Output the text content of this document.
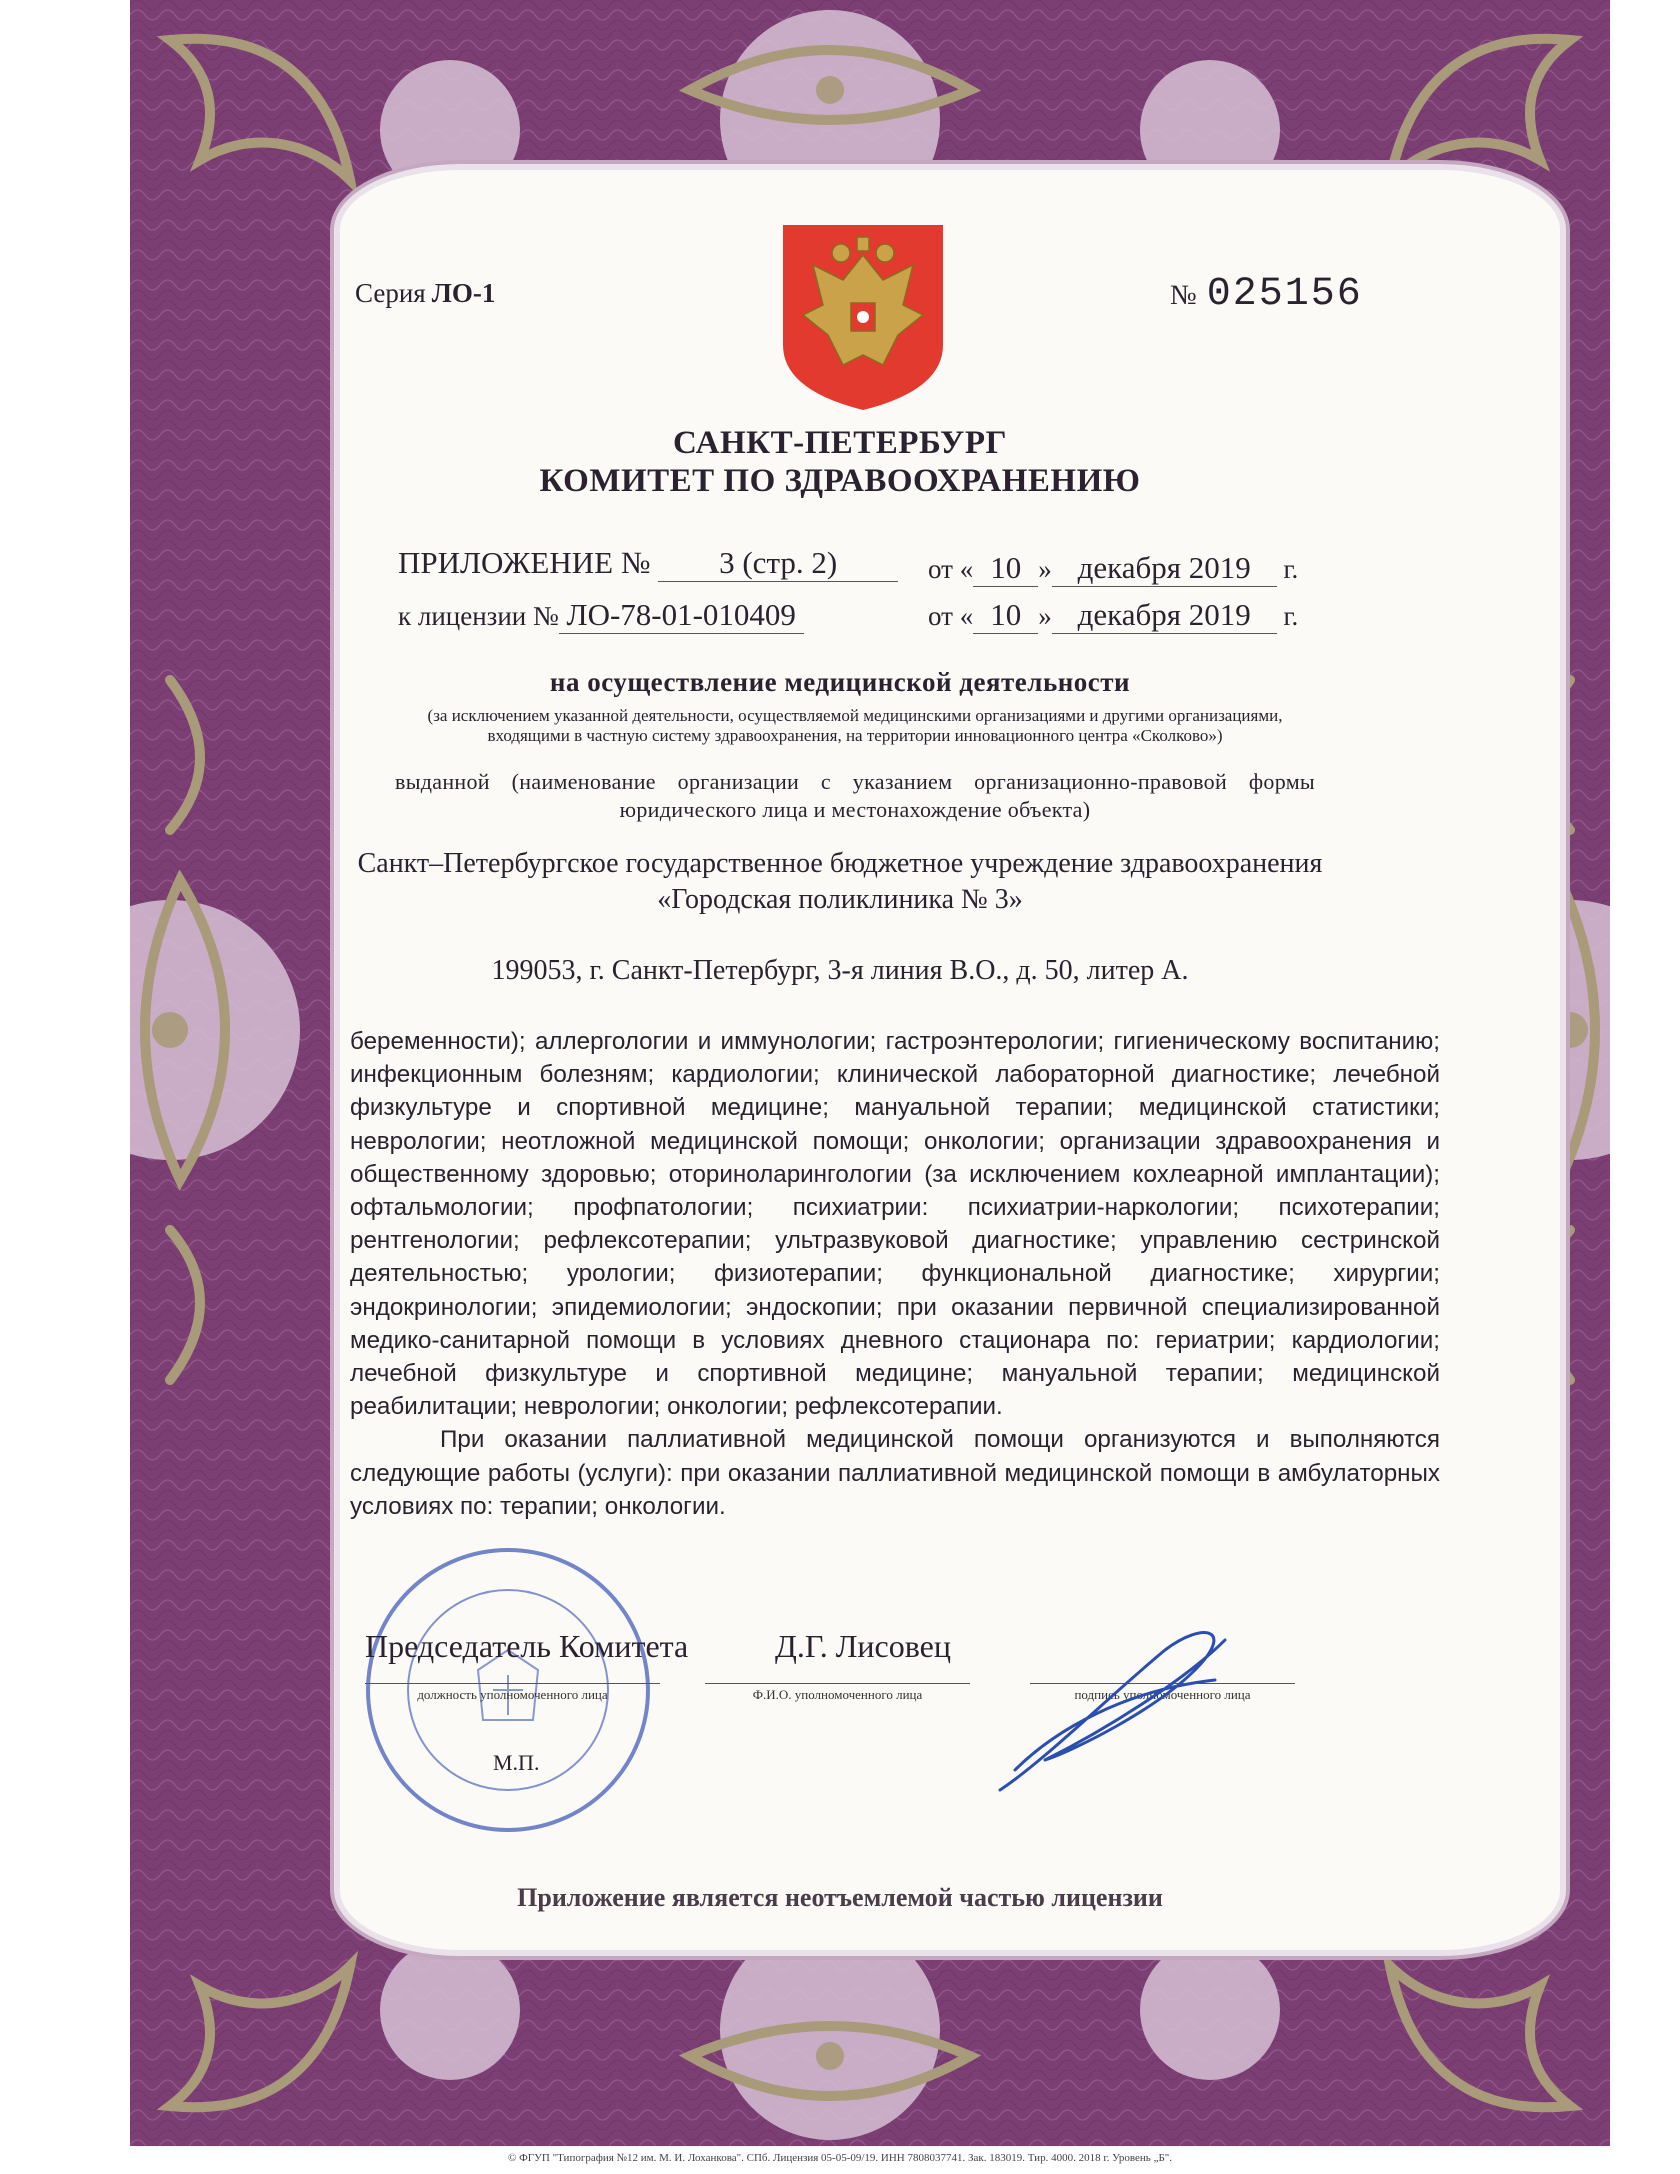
Серия ЛО-1	№ 025156
САНКТ-ПЕТЕРБУРГ
КОМИТЕТ ПО ЗДРАВООХРАНЕНИЮ
ПРИЛОЖЕНИЕ № 3 (стр. 2)	от « 10 » декабря 2019 г.
к лицензии № ЛО-78-01-010409	от « 10 » декабря 2019 г.
на осуществление медицинской деятельности
(за исключением указанной деятельности, осуществляемой медицинскими организациями и другими организациями, входящими в частную систему здравоохранения, на территории инновационного центра «Сколково»)
выданной (наименование организации с указанием организационно-правовой формы юридического лица и местонахождение объекта)
Санкт–Петербургское государственное бюджетное учреждение здравоохранения
«Городская поликлиника № 3»
199053, г. Санкт-Петербург, 3-я линия В.О., д. 50, литер А.

беременности); аллергологии и иммунологии; гастроэнтерологии; гигиеническому воспитанию; инфекционным болезням; кардиологии; клинической лабораторной диагностике; лечебной физкультуре и спортивной медицине; мануальной терапии; медицинской статистики; неврологии; неотложной медицинской помощи; онкологии; организации здравоохранения и общественному здоровью; оториноларингологии (за исключением кохлеарной имплантации); офтальмологии; профпатологии; психиатрии: психиатрии-наркологии; психотерапии; рентгенологии; рефлексотерапии; ультразвуковой диагностике; управлению сестринской деятельностью; урологии; физиотерапии; функциональной диагностике; хирургии; эндокринологии; эпидемиологии; эндоскопии; при оказании первичной специализированной медико-санитарной помощи в условиях дневного стационара по: гериатрии; кардиологии; лечебной физкультуре и спортивной медицине; мануальной терапии; медицинской реабилитации; неврологии; онкологии; рефлексотерапии.

При оказании паллиативной медицинской помощи организуются и выполняются следующие работы (услуги): при оказании паллиативной медицинской помощи в амбулаторных условиях по: терапии; онкологии.

Председатель Комитета	Д.Г. Лисовец
должность уполномоченного лица	Ф.И.О. уполномоченного лица	подпись уполномоченного лица
М.П.
Приложение является неотъемлемой частью лицензии
© ФГУП "Типография №12 им. М. И. Лоханкова". СПб. Лицензия 05-05-09/19. ИНН 7808037741. Зак. 183019. Тир. 4000. 2018 г. Уровень „Б".
